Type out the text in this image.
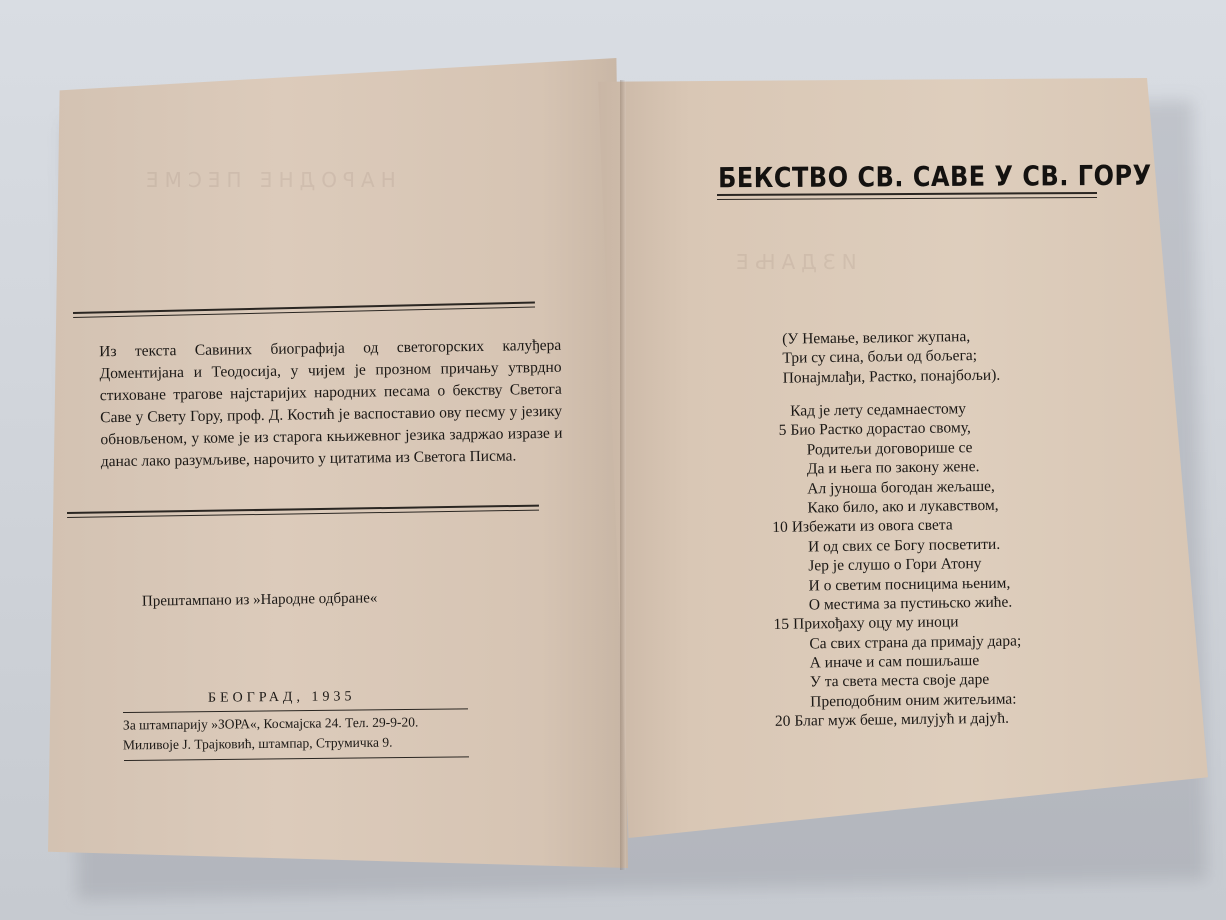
НАРОДНЕ ПЕСМЕ
ИЗДАЊЕ

Из текста Савиних биографија од светогорских калуђера Доментијана и Теодосија, у чијем је прозном причању утврдно стиховане трагове најстаријих народних песама о бекству Светога Саве у Свету Гору, проф. Д. Костић је васпоставио ову песму у језику обновљеном, у коме је из старога књижевног језика задржао изразе и данас лако разумљиве, нарочито у цитатима из Светога Писма.

Прештампано из »Народне одбране«
БЕОГРАД, 1935
За штампарију »ЗОРА«, Космајска 24. Тел. 29-9-20.
Миливоје J. Трајковић, штампар, Струмичка 9.
БЕКСТВО СВ. САВЕ У СВ. ГОРУ
(У Немање, великог жупана,
Три су сина, бољи од бољега;
Понајмлађи, Растко, понајбољи).
Кад је лету седамнаестому
5 Био Растко дорастао свому,
Родитељи договорише се
Да и њега по закону жене.
Ал јуноша богодан жељаше,
Како било, ако и лукавством,
10 Избежати из овога света
И од свих се Богу посветити.
Јер је слушо о Гори Атону
И о светим посницима њеним,
О местима за пустињско жиће.
15 Прихођаху оцу му иноци
Са свих страна да примају дара;
А иначе и сам пошиљаше
У та света места своје даре
Преподобним оним житељима:
20 Благ муж беше, милујућ и дајућ.
